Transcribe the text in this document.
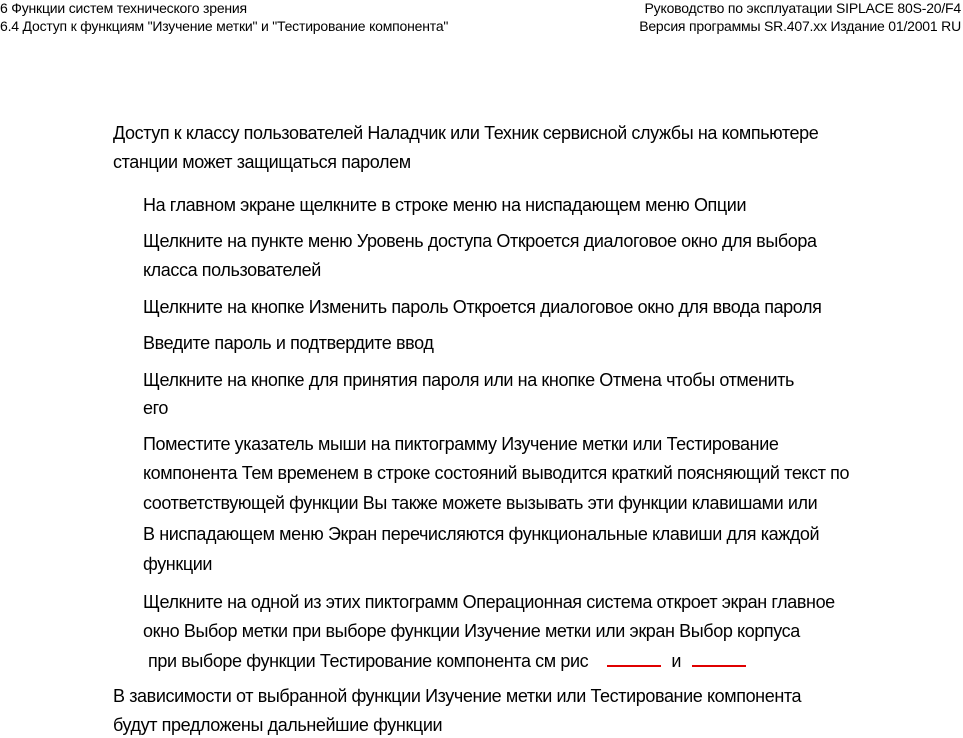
6 Функции систем технического зрения
6.4 Доступ к функциям "Изучение метки" и "Тестирование компонента"
Руководство по эксплуатации SIPLACE 80S-20/F4
Версия программы SR.407.xx Издание 01/2001 RU
Доступ к классу пользователей Наладчик или Техник сервисной службы на компьютере
станции может защищаться паролем
На главном экране щелкните в строке меню на ниспадающем меню Опции
Щелкните на пункте меню Уровень доступа Откроется диалоговое окно для выбора
класса пользователей
Щелкните на кнопке Изменить пароль Откроется диалоговое окно для ввода пароля
Введите пароль и подтвердите ввод
Щелкните на кнопке для принятия пароля или на кнопке Отмена чтобы отменить
его
Поместите указатель мыши на пиктограмму Изучение метки или Тестирование
компонента Тем временем в строке состояний выводится краткий поясняющий текст по
соответствующей функции Вы также можете вызывать эти функции клавишами или
В ниспадающем меню Экран перечисляются функциональные клавиши для каждой
функции
Щелкните на одной из этих пиктограмм Операционная система откроет экран главное
окно Выбор метки при выборе функции Изучение метки или экран Выбор корпуса
при выборе функции Тестирование компонента см рис	и
В зависимости от выбранной функции Изучение метки или Тестирование компонента
будут предложены дальнейшие функции
